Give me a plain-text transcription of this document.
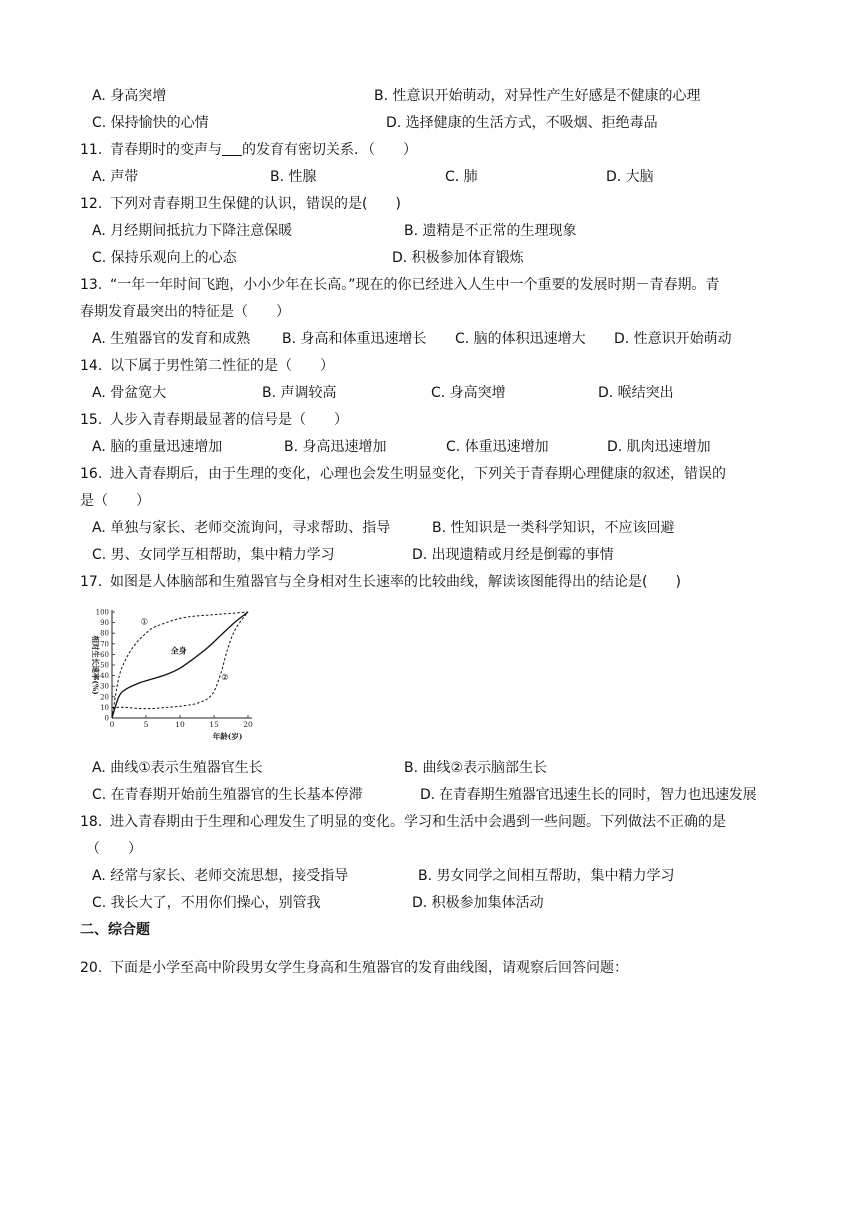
A. 身高突增	B. 性意识开始萌动，对异性产生好感是不健康的心理
C. 保持愉快的心情	D. 选择健康的生活方式，不吸烟、拒绝毒品
11. 青春期时的变声与 的发育有密切关系．（　　）
A. 声带	B. 性腺	C. 肺	D. 大脑
12. 下列对青春期卫生保健的认识，错误的是(　　)
A. 月经期间抵抗力下降注意保暖	B. 遗精是不正常的生理现象
C. 保持乐观向上的心态	D. 积极参加体育锻炼
13. “一年一年时间飞跑，小小少年在长高。”现在的你已经进入人生中一个重要的发展时期－青春期。青
春期发育最突出的特征是（　　）
A. 生殖器官的发育和成熟 B. 身高和体重迅速增长 C. 脑的体积迅速增大 D. 性意识开始萌动
14. 以下属于男性第二性征的是（　　）
A. 骨盆宽大	B. 声调较高	C. 身高突增	D. 喉结突出
15. 人步入青春期最显著的信号是（　　）
A. 脑的重量迅速增加	B. 身高迅速增加	C. 体重迅速增加	D. 肌肉迅速增加
16. 进入青春期后，由于生理的变化，心理也会发生明显变化，下列关于青春期心理健康的叙述，错误的
是（　　）
A. 单独与家长、老师交流询问，寻求帮助、指导	B. 性知识是一类科学知识，不应该回避
C. 男、女同学互相帮助，集中精力学习	D. 出现遗精或月经是倒霉的事情
17. 如图是人体脑部和生殖器官与全身相对生长速率的比较曲线，解读该图能得出的结论是(　　)
0
10
20
30
40
50
60
70
80
90
100
0	5	10	15	20
年龄(岁)
相对生长速率(%)
①
全身
②
A. 曲线①表示生殖器官生长	B. 曲线②表示脑部生长
C. 在青春期开始前生殖器官的生长基本停滞	D. 在青春期生殖器官迅速生长的同时，智力也迅速发展
18. 进入青春期由于生理和心理发生了明显的变化。学习和生活中会遇到一些问题。下列做法不正确的是
（　　）
A. 经常与家长、老师交流思想，接受指导	B. 男女同学之间相互帮助，集中精力学习
C. 我长大了，不用你们操心，别管我	D. 积极参加集体活动
二、综合题
20. 下面是小学至高中阶段男女学生身高和生殖器官的发育曲线图，请观察后回答问题：
